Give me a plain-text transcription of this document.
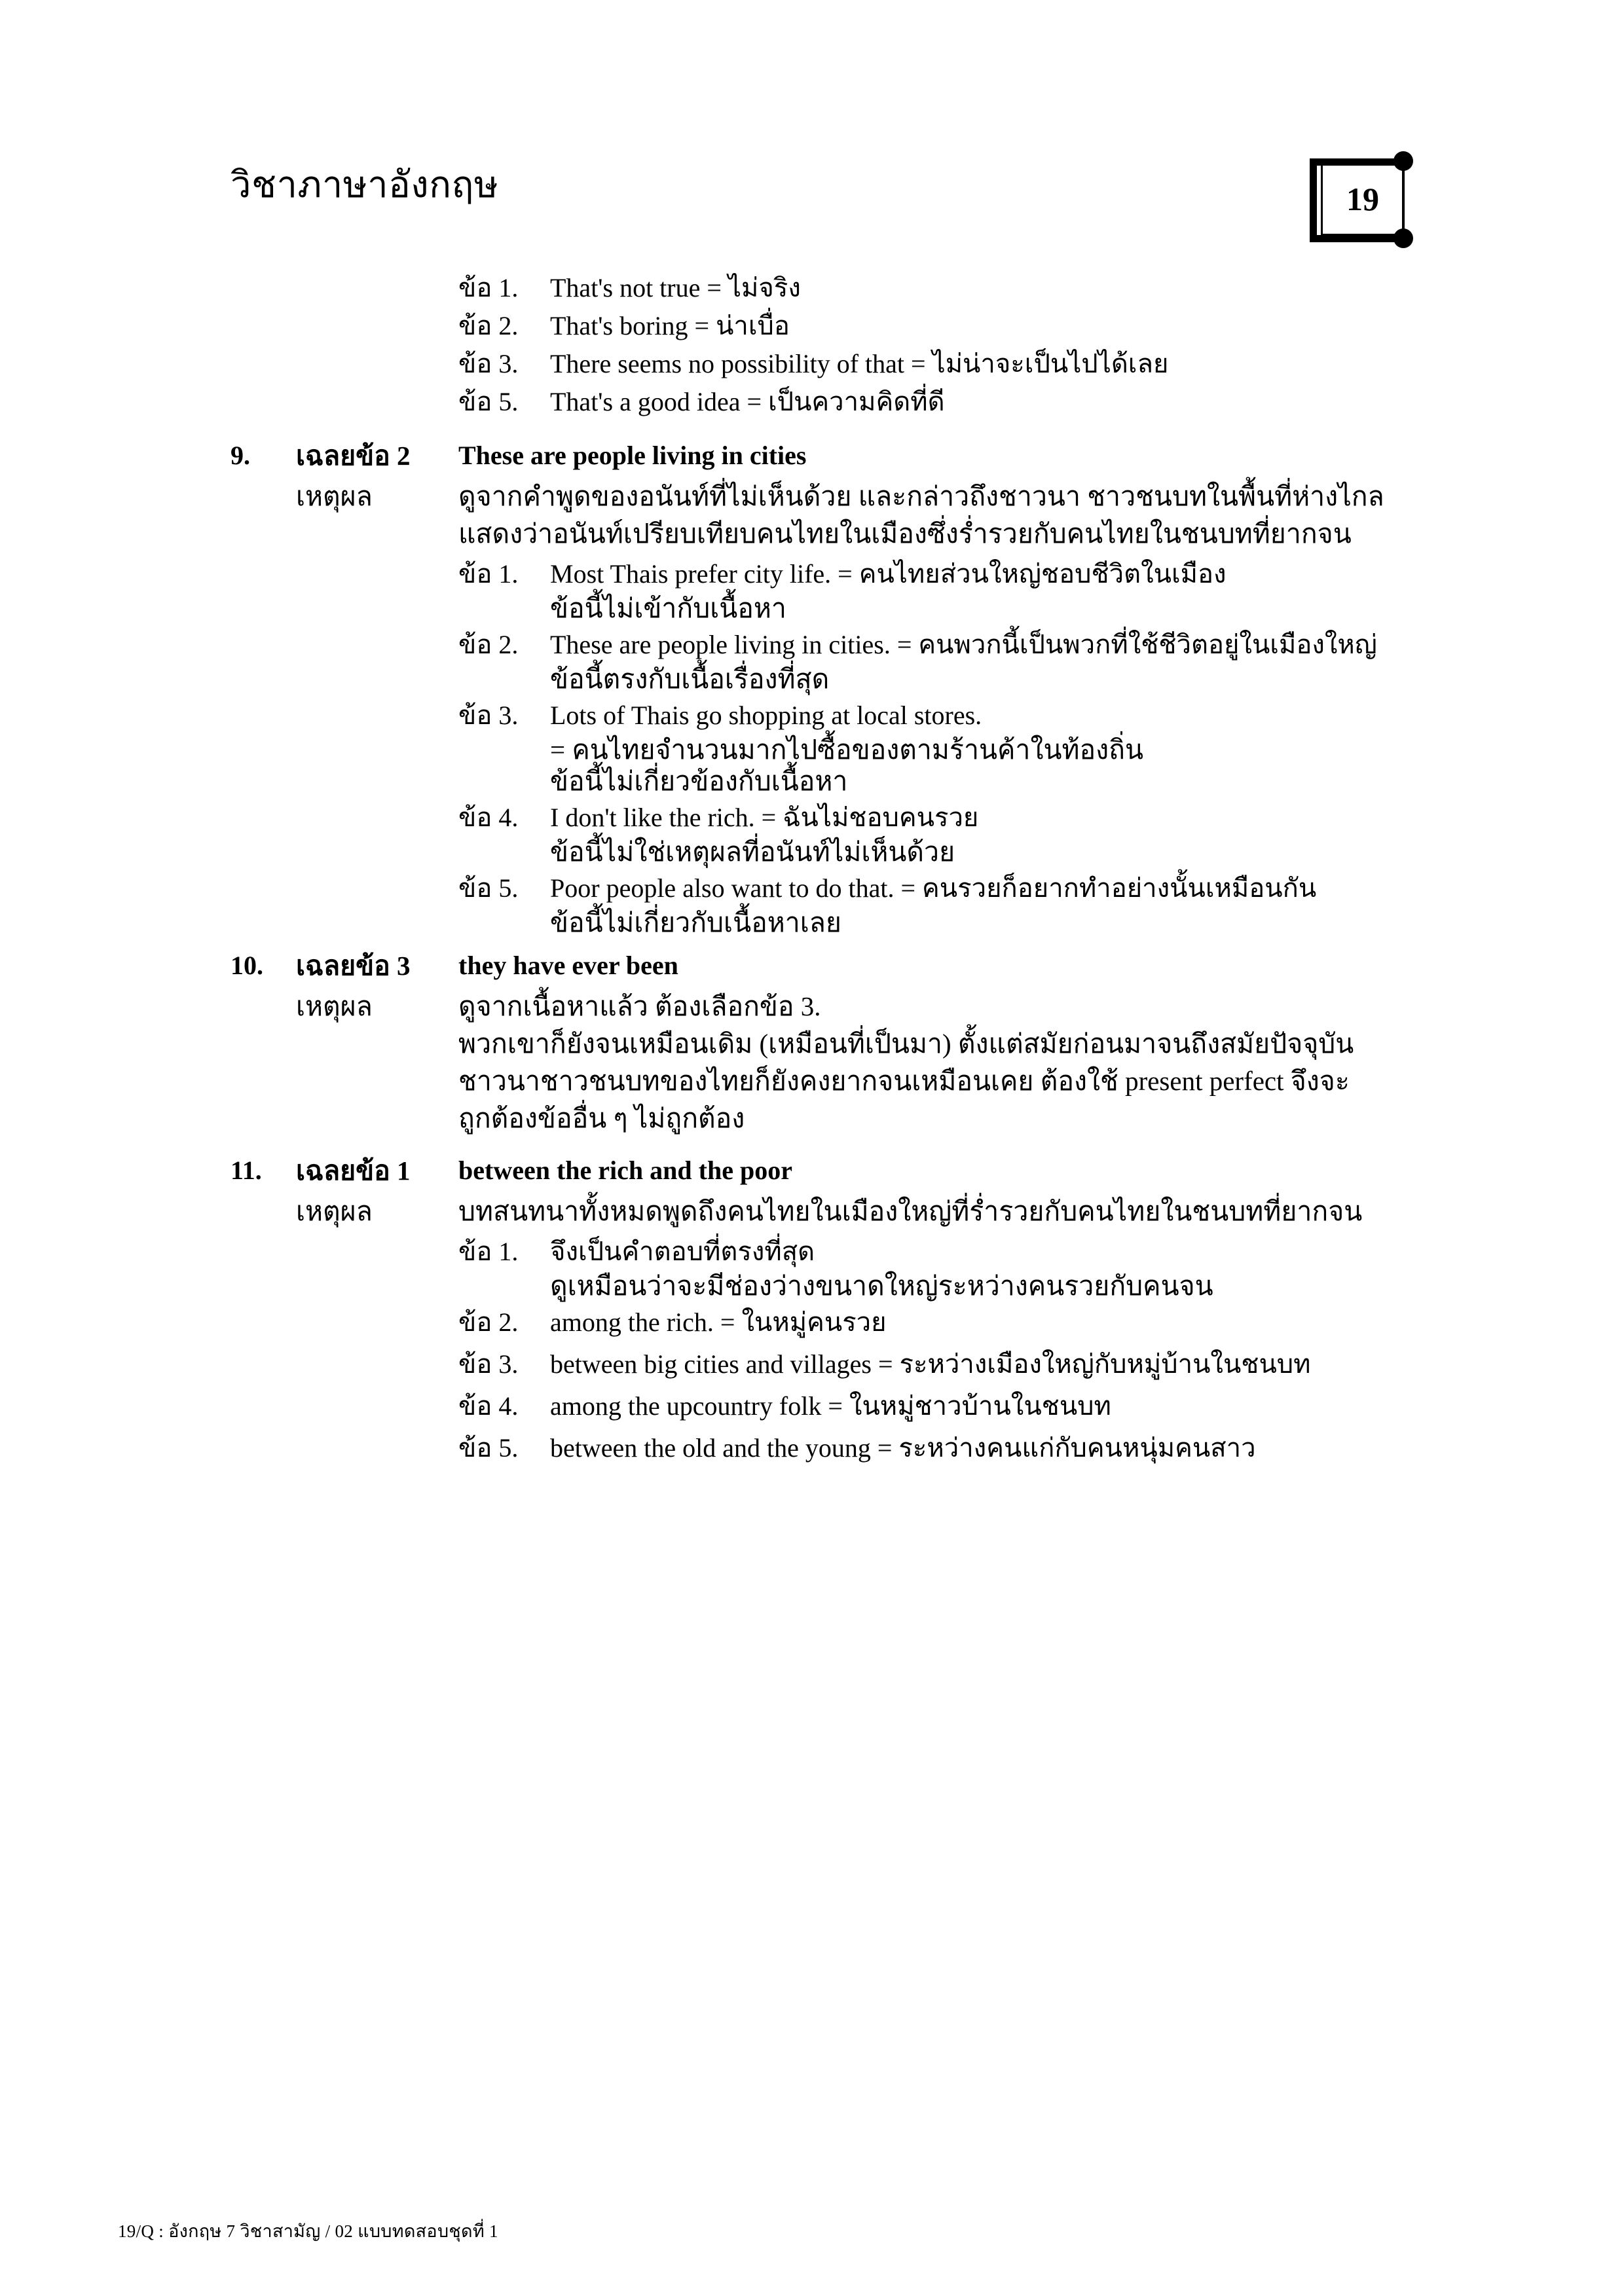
วิชาภาษาอังกฤษ	19
ข้อ 1. That's not true = ไม่จริง
ข้อ 2. That's boring = น่าเบื่อ
ข้อ 3. There seems no possibility of that = ไม่น่าจะเป็นไปได้เลย
ข้อ 5. That's a good idea = เป็นความคิดที่ดี
9. เฉลยข้อ 2 These are people living in cities
เหตุผล	ดูจากคำพูดของอนันท์ที่ไม่เห็นด้วย และกล่าวถึงชาวนา ชาวชนบทในพื้นที่ห่างไกล
แสดงว่าอนันท์เปรียบเทียบคนไทยในเมืองซึ่งร่ำรวยกับคนไทยในชนบทที่ยากจน
ข้อ 1. Most Thais prefer city life. = คนไทยส่วนใหญ่ชอบชีวิตในเมือง
ข้อนี้ไม่เข้ากับเนื้อหา
ข้อ 2. These are people living in cities. = คนพวกนี้เป็นพวกที่ใช้ชีวิตอยู่ในเมืองใหญ่
ข้อนี้ตรงกับเนื้อเรื่องที่สุด
ข้อ 3. Lots of Thais go shopping at local stores.
= คนไทยจำนวนมากไปซื้อของตามร้านค้าในท้องถิ่น
ข้อนี้ไม่เกี่ยวข้องกับเนื้อหา
ข้อ 4. I don't like the rich. = ฉันไม่ชอบคนรวย
ข้อนี้ไม่ใช่เหตุผลที่อนันท์ไม่เห็นด้วย
ข้อ 5. Poor people also want to do that. = คนรวยก็อยากทำอย่างนั้นเหมือนกัน
ข้อนี้ไม่เกี่ยวกับเนื้อหาเลย
10. เฉลยข้อ 3 they have ever been
เหตุผล	ดูจากเนื้อหาแล้ว ต้องเลือกข้อ 3.
พวกเขาก็ยังจนเหมือนเดิม (เหมือนที่เป็นมา) ตั้งแต่สมัยก่อนมาจนถึงสมัยปัจจุบัน
ชาวนาชาวชนบทของไทยก็ยังคงยากจนเหมือนเคย ต้องใช้ present perfect จึงจะ
ถูกต้องข้ออื่น ๆ ไม่ถูกต้อง
11. เฉลยข้อ 1 between the rich and the poor
เหตุผล	บทสนทนาทั้งหมดพูดถึงคนไทยในเมืองใหญ่ที่ร่ำรวยกับคนไทยในชนบทที่ยากจน
ข้อ 1. จึงเป็นคำตอบที่ตรงที่สุด
ดูเหมือนว่าจะมีช่องว่างขนาดใหญ่ระหว่างคนรวยกับคนจน
ข้อ 2. among the rich. = ในหมู่คนรวย
ข้อ 3. between big cities and villages = ระหว่างเมืองใหญ่กับหมู่บ้านในชนบท
ข้อ 4. among the upcountry folk = ในหมู่ชาวบ้านในชนบท
ข้อ 5. between the old and the young = ระหว่างคนแก่กับคนหนุ่มคนสาว
19/Q : อังกฤษ 7 วิชาสามัญ / 02 แบบทดสอบชุดที่ 1
